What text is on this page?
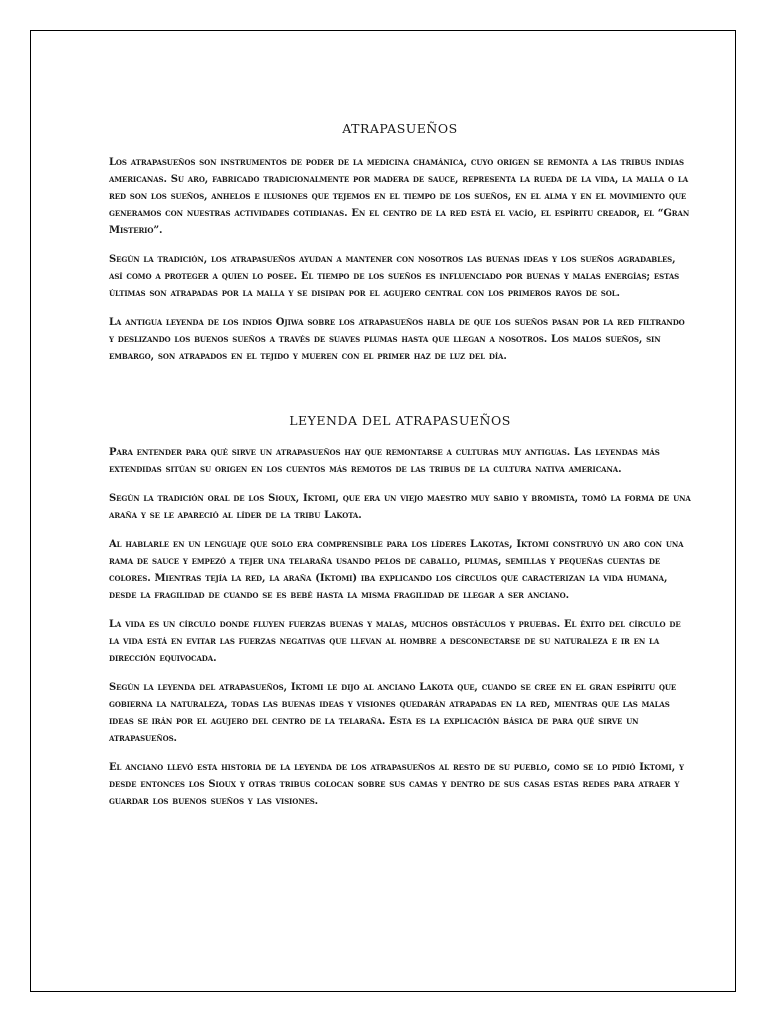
ATRAPASUEÑOS

Los atrapasueños son instrumentos de poder de la medicina chamánica, cuyo origen se remonta a las tribus indias americanas. Su aro, fabricado tradicionalmente por madera de sauce, representa la rueda de la vida, la malla o la red son los sueños, anhelos e ilusiones que tejemos en el tiempo de los sueños, en el alma y en el movimiento que generamos con nuestras actividades cotidianas. En el centro de la red está el vacío, el espíritu creador, el “Gran Misterio”.

Según la tradición, los atrapasueños ayudan a mantener con nosotros las buenas ideas y los sueños agradables, así como a proteger a quien lo posee. El tiempo de los sueños es influenciado por buenas y malas energías; estas últimas son atrapadas por la malla y se disipan por el agujero central con los primeros rayos de sol.

La antigua leyenda de los indios Ojiwa sobre los atrapasueños habla de que los sueños pasan por la red filtrando y deslizando los buenos sueños a través de suaves plumas hasta que llegan a nosotros. Los malos sueños, sin embargo, son atrapados en el tejido y mueren con el primer haz de luz del día.

LEYENDA DEL ATRAPASUEÑOS

Para entender para qué sirve un atrapasueños hay que remontarse a culturas muy antiguas. Las leyendas más extendidas sitúan su origen en los cuentos más remotos de las tribus de la cultura nativa americana.

Según la tradición oral de los Sioux, Iktomi, que era un viejo maestro muy sabio y bromista, tomó la forma de una araña y se le apareció al líder de la tribu Lakota.

Al hablarle en un lenguaje que solo era comprensible para los líderes Lakotas, Iktomi construyó un aro con una rama de sauce y empezó a tejer una telaraña usando pelos de caballo, plumas, semillas y pequeñas cuentas de colores. Mientras tejía la red, la araña (Iktomi) iba explicando los círculos que caracterizan la vida humana, desde la fragilidad de cuando se es bebé hasta la misma fragilidad de llegar a ser anciano.

La vida es un círculo donde fluyen fuerzas buenas y malas, muchos obstáculos y pruebas. El éxito del círculo de la vida está en evitar las fuerzas negativas que llevan al hombre a desconectarse de su naturaleza e ir en la dirección equivocada.

Según la leyenda del atrapasueños, Iktomi le dijo al anciano Lakota que, cuando se cree en el gran espíritu que gobierna la naturaleza, todas las buenas ideas y visiones quedarán atrapadas en la red, mientras que las malas ideas se irán por el agujero del centro de la telaraña. Esta es la explicación básica de para qué sirve un atrapasueños.

El anciano llevó esta historia de la leyenda de los atrapasueños al resto de su pueblo, como se lo pidió Iktomi, y desde entonces los Sioux y otras tribus colocan sobre sus camas y dentro de sus casas estas redes para atraer y guardar los buenos sueños y las visiones.
